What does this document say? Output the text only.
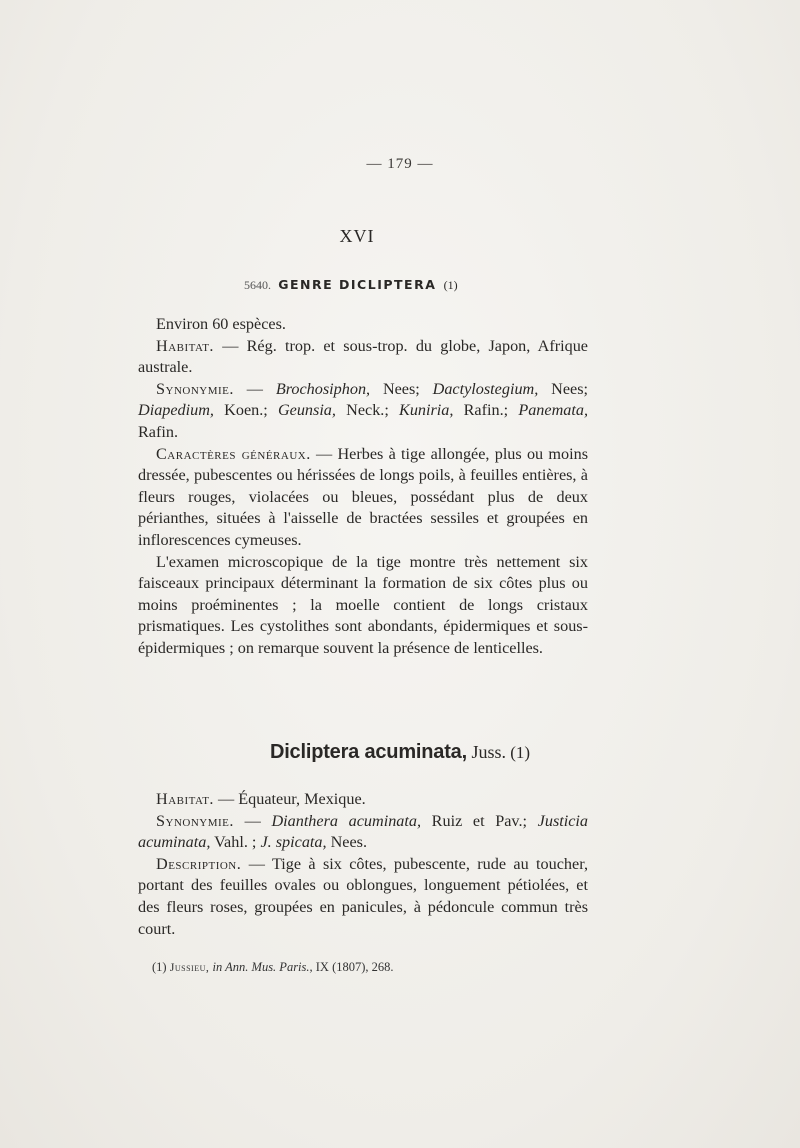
— 179 —
XVI
5640. GENRE DICLIPTERA (1)

Environ 60 espèces.

Habitat. — Rég. trop. et sous-trop. du globe, Japon, Afrique australe.

Synonymie. — Brochosiphon, Nees; Dactylostegium, Nees; Diapedium, Koen.; Geunsia, Neck.; Kuniria, Rafin.; Panemata, Rafin.

Caractères généraux. — Herbes à tige allongée, plus ou moins dressée, pubescentes ou hérissées de longs poils, à feuilles entières, à fleurs rouges, violacées ou bleues, possédant plus de deux périanthes, situées à l'aisselle de bractées sessiles et groupées en inflorescences cymeuses.

L'examen microscopique de la tige montre très nettement six faisceaux principaux déterminant la formation de six côtes plus ou moins proéminentes ; la moelle contient de longs cristaux prismatiques. Les cystolithes sont abondants, épidermiques et sous-épidermiques ; on remarque souvent la présence de lenticelles.

Dicliptera acuminata, Juss. (1)

Habitat. — Équateur, Mexique.

Synonymie. — Dianthera acuminata, Ruiz et Pav.; Justicia acuminata, Vahl. ; J. spicata, Nees.

Description. — Tige à six côtes, pubescente, rude au toucher, portant des feuilles ovales ou oblongues, longuement pétiolées, et des fleurs roses, groupées en panicules, à pédoncule commun très court.

(1) Jussieu, in Ann. Mus. Paris., IX (1807), 268.
